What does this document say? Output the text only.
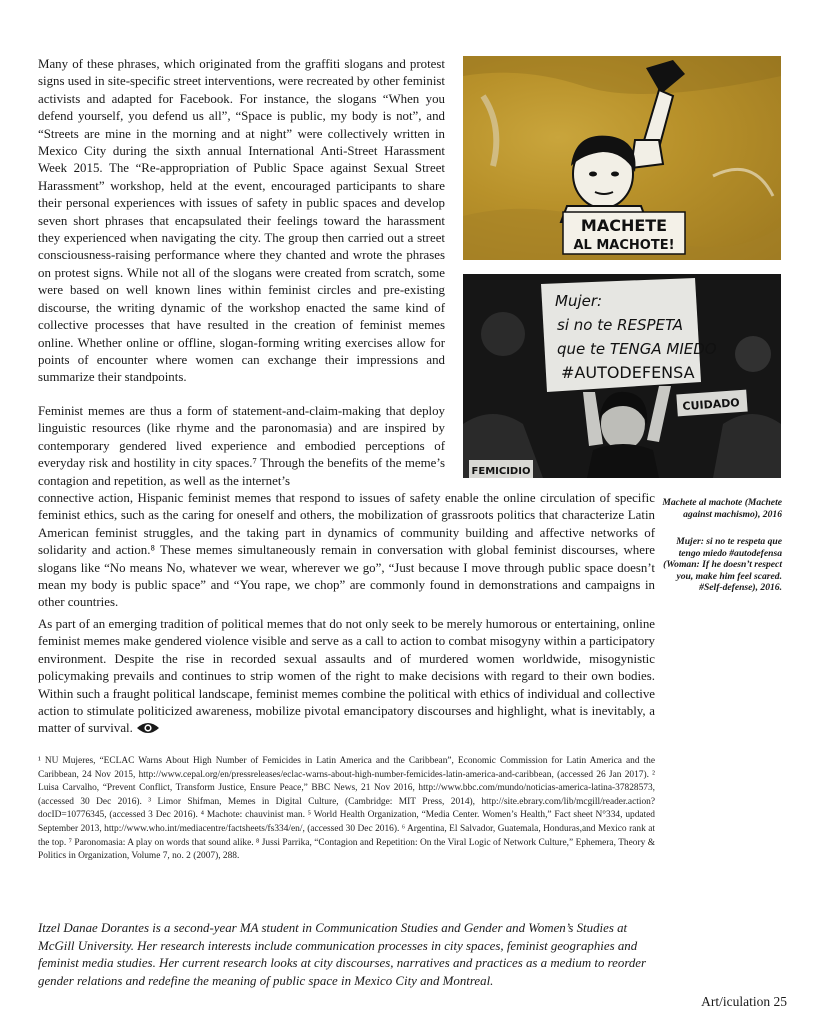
Many of these phrases, which originated from the graffiti slogans and protest signs used in site-specific street interventions, were recreated by other feminist activists and adapted for Facebook. For instance, the slogans “When you defend yourself, you defend us all”, “Space is public, my body is not”, and “Streets are mine in the morning and at night” were collectively written in Mexico City during the sixth annual International Anti-Street Harassment Week 2015. The “Re-appropriation of Public Space against Sexual Street Harassment” workshop, held at the event, encouraged participants to share their personal experiences with issues of safety in public spaces and develop seven short phrases that encapsulated their feelings toward the harassment they experienced when navigating the city. The group then carried out a street consciousness-raising performance where they chanted and wrote the phrases on protest signs. While not all of the slogans were created from scratch, some were based on well known lines within feminist circles and pre-existing discourse, the writing dynamic of the workshop enacted the same kind of collective processes that have resulted in the creation of feminist memes online. Whether online or offline, slogan-forming writing exercises allow for points of encounter where women can exchange their impressions and summarize their standpoints.

Feminist memes are thus a form of statement-and-claim-making that deploy linguistic resources (like rhyme and the paronomasia) and are inspired by contemporary gendered lived experience and embodied perceptions of everyday risk and hostility in city spaces.⁷ Through the benefits of the meme’s contagion and repetition, as well as the internet’s

connective action, Hispanic feminist memes that respond to issues of safety enable the online circulation of specific feminist ethics, such as the caring for oneself and others, the mobilization of grassroots politics that characterize Latin American feminist struggles, and the taking part in dynamics of community building and affective networks of solidarity and action.⁸ These memes simultaneously remain in conversation with global feminist discourses, where slogans like “No means No, whatever we wear, wherever we go”, “Just because I move through public space doesn’t mean my body is public space” and “You rape, we chop” are commonly found in demonstrations and campaigns in other countries.

As part of an emerging tradition of political memes that do not only seek to be merely humorous or entertaining, online feminist memes make gendered violence visible and serve as a call to action to combat misogyny within a participatory environment. Despite the rise in recorded sexual assaults and of murdered women worldwide, misogynistic policymaking prevails and continues to strip women of the right to make decisions with regard to their own bodies. Within such a fraught political landscape, feminist memes combine the political with ethics of individual and collective action to stimulate politicized awareness, mobilize pivotal emancipatory discourses and highlight, what is inevitably, a matter of survival.

MACHETE
AL MACHOTE!
Mujer:
si no te RESPETA
que te TENGA MIEDO
#AUTODEFENSA
CUIDADO
FEMICIDIO
Machete al machote (Machete against machismo), 2016
Mujer: si no te respeta que tengo miedo #autodefensa (Woman: If he doesn’t respect you, make him feel scared. #Self-defense), 2016.
¹ NU Mujeres, “ECLAC Warns About High Number of Femicides in Latin America and the Caribbean”, Economic Commission for Latin America and the Caribbean, 24 Nov 2015, http://www.cepal.org/en/pressreleases/eclac-warns-about-high-number-femicides-latin-america-and-caribbean, (accessed 26 Jan 2017). ² Luisa Carvalho, “Prevent Conflict, Transform Justice, Ensure Peace,” BBC News, 21 Nov 2016, http://www.bbc.com/mundo/noticias-america-latina-37828573, (accessed 30 Dec 2016). ³ Limor Shifman, Memes in Digital Culture, (Cambridge: MIT Press, 2014), http://site.ebrary.com/lib/mcgill/reader.action?docID=10776345, (accessed 3 Dec 2016). ⁴ Machote: chauvinist man. ⁵ World Health Organization, “Media Center. Women’s Health,” Fact sheet N°334, updated September 2013, http://www.who.int/mediacentre/factsheets/fs334/en/, (accessed 30 Dec 2016). ⁶ Argentina, El Salvador, Guatemala, Honduras,and Mexico rank at the top. ⁷ Paronomasia: A play on words that sound alike. ⁸ Jussi Parrika, “Contagion and Repetition: On the Viral Logic of Network Culture,” Ephemera, Theory & Politics in Organization, Volume 7, no. 2 (2007), 288.
Itzel Danae Dorantes is a second-year MA student in Communication Studies and Gender and Women’s Studies at McGill University. Her research interests include communication processes in city spaces, feminist geographies and feminist media studies. Her current research looks at city discourses, narratives and practices as a medium to reorder gender relations and redefine the meaning of public space in Mexico City and Montreal.
Art/iculation 25
